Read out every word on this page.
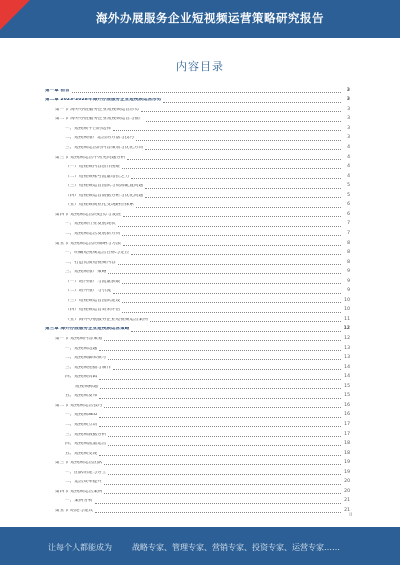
海外办展服务企业短视频运营策略研究报告
内容目录
第一章 前言	3
第二章 2023-2028年海外办展服务企业短视频运营形势	3
第一节 海外办展服务企业短视频运营形势	3
第二节 海外办展服务企业短视频运营与推广	3
一、短视频平台的选择	3
二、短视频推广运营的方法与技巧	3
三、短视频运营的内容策划与优化方向	4
第三节 短视频运营中常见问题分析	4
（一）短视频内容创作困难	4
（二）短视频账号流量增长乏力	4
（三）短视频运营团队与资源配置问题	5
（四）短视频运营数据分析与优化问题	5
（五）短视频商业化变现路径探索	6
第四节 短视频运营的趋势与发展	6
一、短视频行业发展现状	7
二、短视频运营发展新方向	7
第五节 短视频运营的策略与方法	8
一、明确短视频运营目标与定位	8
二、打造优质短视频内容	8
三、短视频推广策略	9
（一）站内推广与流量获取	9
（二）站外推广与引流	9
（三）短视频运营团队建设	10
（四）短视频运营效果评估	10
（五）海外办展服务企业短视频运营案例	11
第三章 海外办展服务企业短视频运营策略	12
第一节 短视频内容策划	12
一、短视频选题	13
二、短视频脚本撰写	13
三、短视频拍摄与制作	14
四、短视频剪辑	14
短视频标题	15
五、短视频发布	15
第二节 短视频运营技巧	16
一、短视频SEO	16
二、短视频互动	17
三、短视频数据分析	17
四、短视频流量运营	18
五、短视频变现	18
第三节 短视频运营团队	19
一、团队组建与分工	19
二、运营效率提升	20
第四节 短视频运营案例	20
一、案例分析	21
第五节 结论与建议	21
ii
让每个人都能成为	战略专家、管理专家、营销专家、投资专家、运营专家……
